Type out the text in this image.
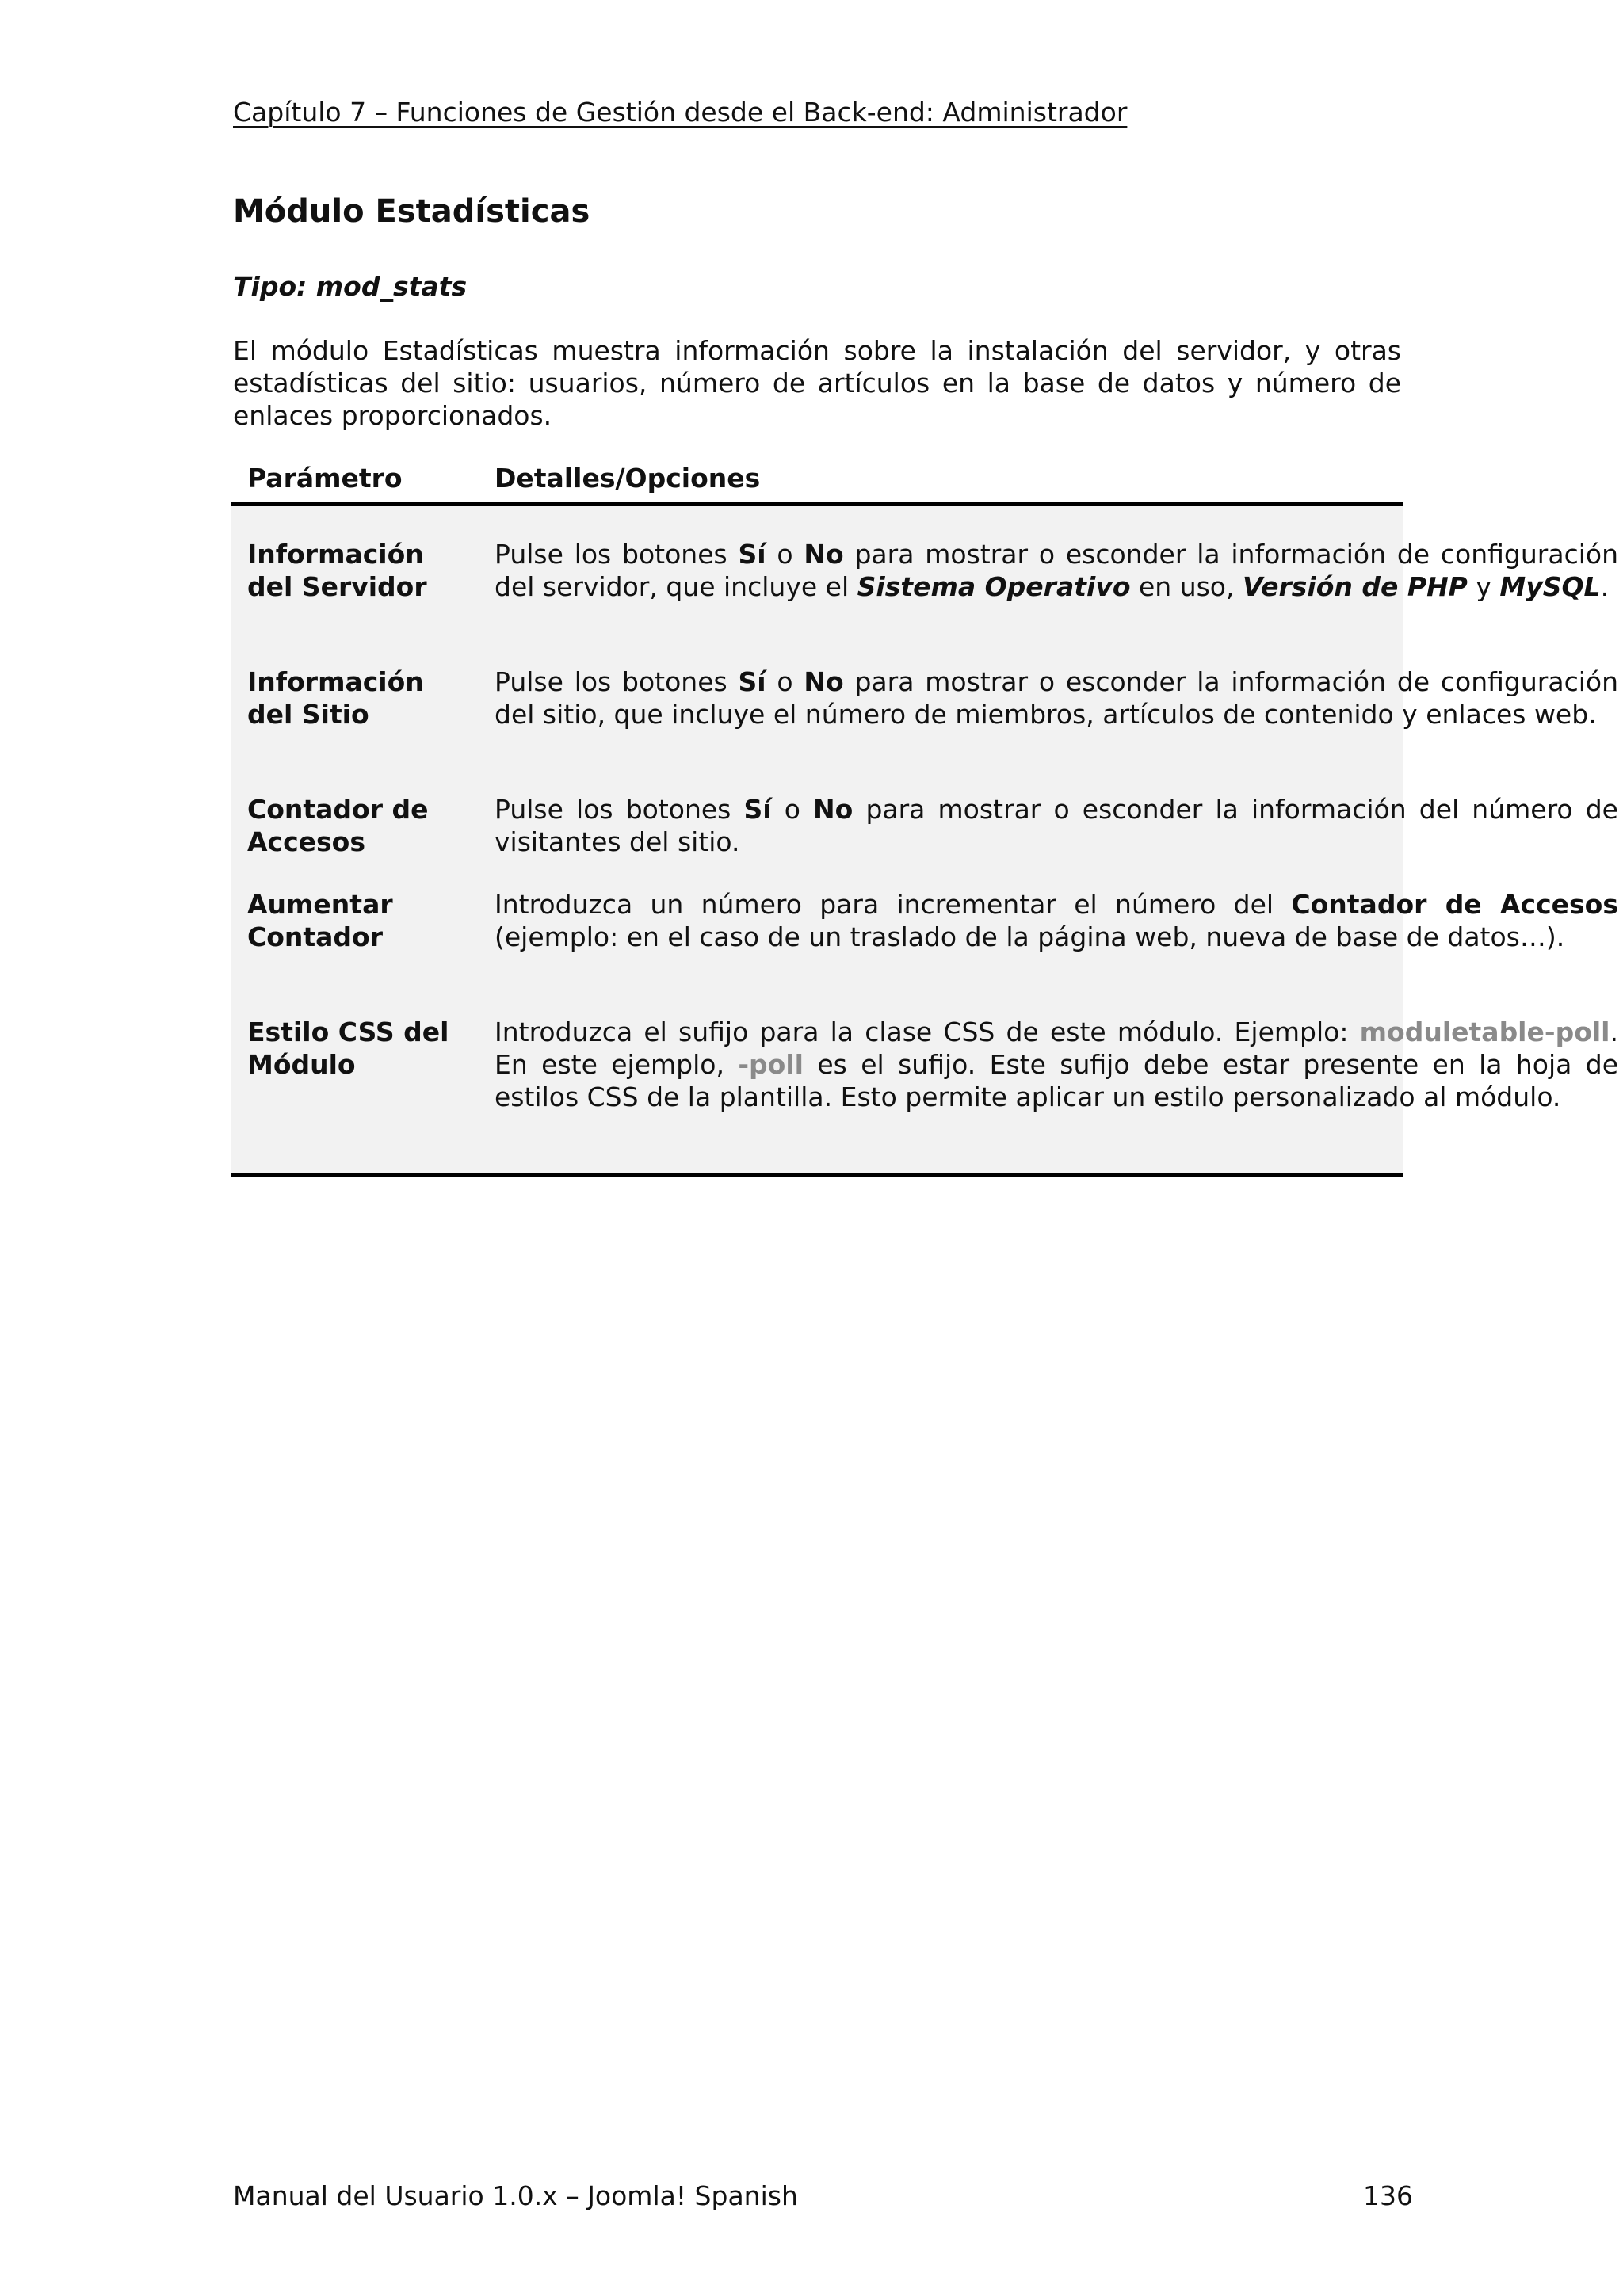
Capítulo 7 – Funciones de Gestión desde el Back-end: Administrador
Módulo Estadísticas
Tipo: mod_stats

El módulo Estadísticas muestra información sobre la instalación del servidor, y otras estadísticas del sitio: usuarios, número de artículos en la base de datos y número de enlaces proporcionados.

Parámetro	Detalles/Opciones
Información del Servidor
Pulse los botones Sí o No para mostrar o esconder la información de configuración del servidor, que incluye el Sistema Operativo en uso, Versión de PHP y MySQL.
Información del Sitio
Pulse los botones Sí o No para mostrar o esconder la información de configuración del sitio, que incluye el número de miembros, artículos de contenido y enlaces web.
Contador de Accesos
Pulse los botones Sí o No para mostrar o esconder la información del número de visitantes del sitio.
Aumentar Contador
Introduzca un número para incrementar el número del Contador de Accesos (ejemplo: en el caso de un traslado de la página web, nueva de base de datos…).
Estilo CSS del Módulo
Introduzca el sufijo para la clase CSS de este módulo. Ejemplo: moduletable-poll. En este ejemplo, -poll es el sufijo. Este sufijo debe estar presente en la hoja de estilos CSS de la plantilla. Esto permite aplicar un estilo personalizado al módulo.
Manual del Usuario 1.0.x – Joomla! Spanish	136
